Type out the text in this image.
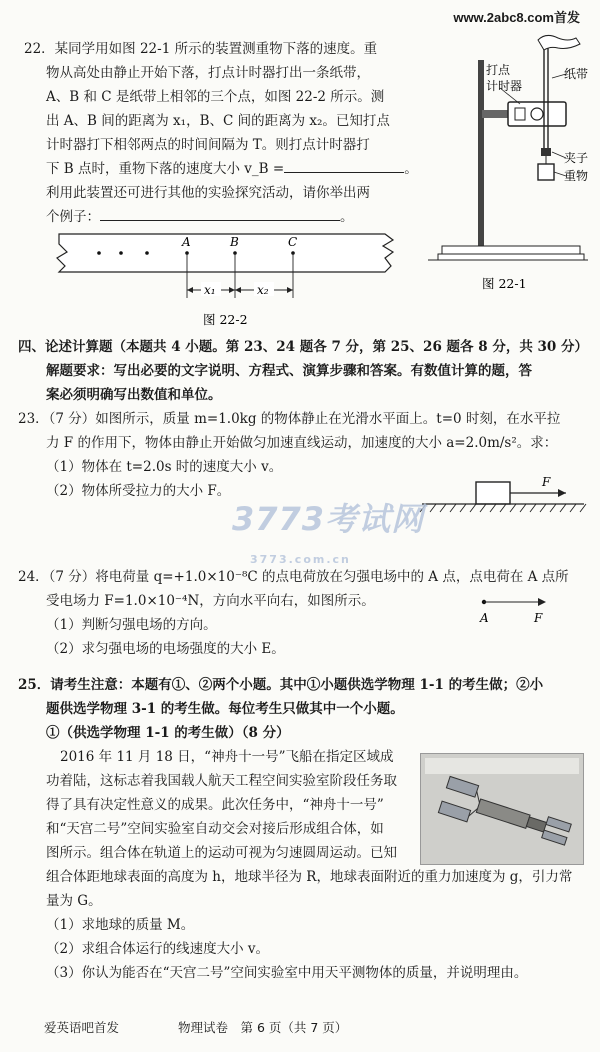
www.2abc8.com首发
22．某同学用如图 22-1 所示的装置测重物下落的速度。重
物从高处由静止开始下落，打点计时器打出一条纸带，
A、B 和 C 是纸带上相邻的三个点，如图 22-2 所示。测
出 A、B 间的距离为 x₁，B、C 间的距离为 x₂。已知打点
计时器打下相邻两点的时间间隔为 T。则打点计时器打
下 B 点时，重物下落的速度大小 v_B =	。
利用此装置还可进行其他的实验探究活动，请你举出两
个例子：	。
打点
计时器
纸带
夹子
重物
图 22-1
A	B	C
x₁	x₂
图 22-2
四、论述计算题（本题共 4 小题。第 23、24 题各 7 分，第 25、26 题各 8 分，共 30 分）
解题要求：写出必要的文字说明、方程式、演算步骤和答案。有数值计算的题，答
案必须明确写出数值和单位。
23．（7 分）如图所示，质量 m=1.0kg 的物体静止在光滑水平面上。t=0 时刻，在水平拉
力 F 的作用下，物体由静止开始做匀加速直线运动，加速度的大小 a=2.0m/s²。求：
（1）物体在 t=2.0s 时的速度大小 v。
（2）物体所受拉力的大小 F。
F
3773考试网
3773.com.cn
24．（7 分）将电荷量 q=+1.0×10⁻⁸C 的点电荷放在匀强电场中的 A 点，点电荷在 A 点所
受电场力 F=1.0×10⁻⁴N，方向水平向右，如图所示。
（1）判断匀强电场的方向。
（2）求匀强电场的电场强度的大小 E。
A	F
25．请考生注意：本题有①、②两个小题。其中①小题供选学物理 1-1 的考生做；②小
题供选学物理 3-1 的考生做。每位考生只做其中一个小题。
①（供选学物理 1-1 的考生做）（8 分）
2016 年 11 月 18 日，“神舟十一号”飞船在指定区域成
功着陆，这标志着我国载人航天工程空间实验室阶段任务取
得了具有决定性意义的成果。此次任务中，“神舟十一号”
和“天宫二号”空间实验室自动交会对接后形成组合体，如
图所示。组合体在轨道上的运动可视为匀速圆周运动。已知
组合体距地球表面的高度为 h，地球半径为 R，地球表面附近的重力加速度为 g，引力常
量为 G。
（1）求地球的质量 M。
（2）求组合体运行的线速度大小 v。
（3）你认为能否在“天宫二号”空间实验室中用天平测物体的质量，并说明理由。
爱英语吧首发	物理试卷　第 6 页（共 7 页）
